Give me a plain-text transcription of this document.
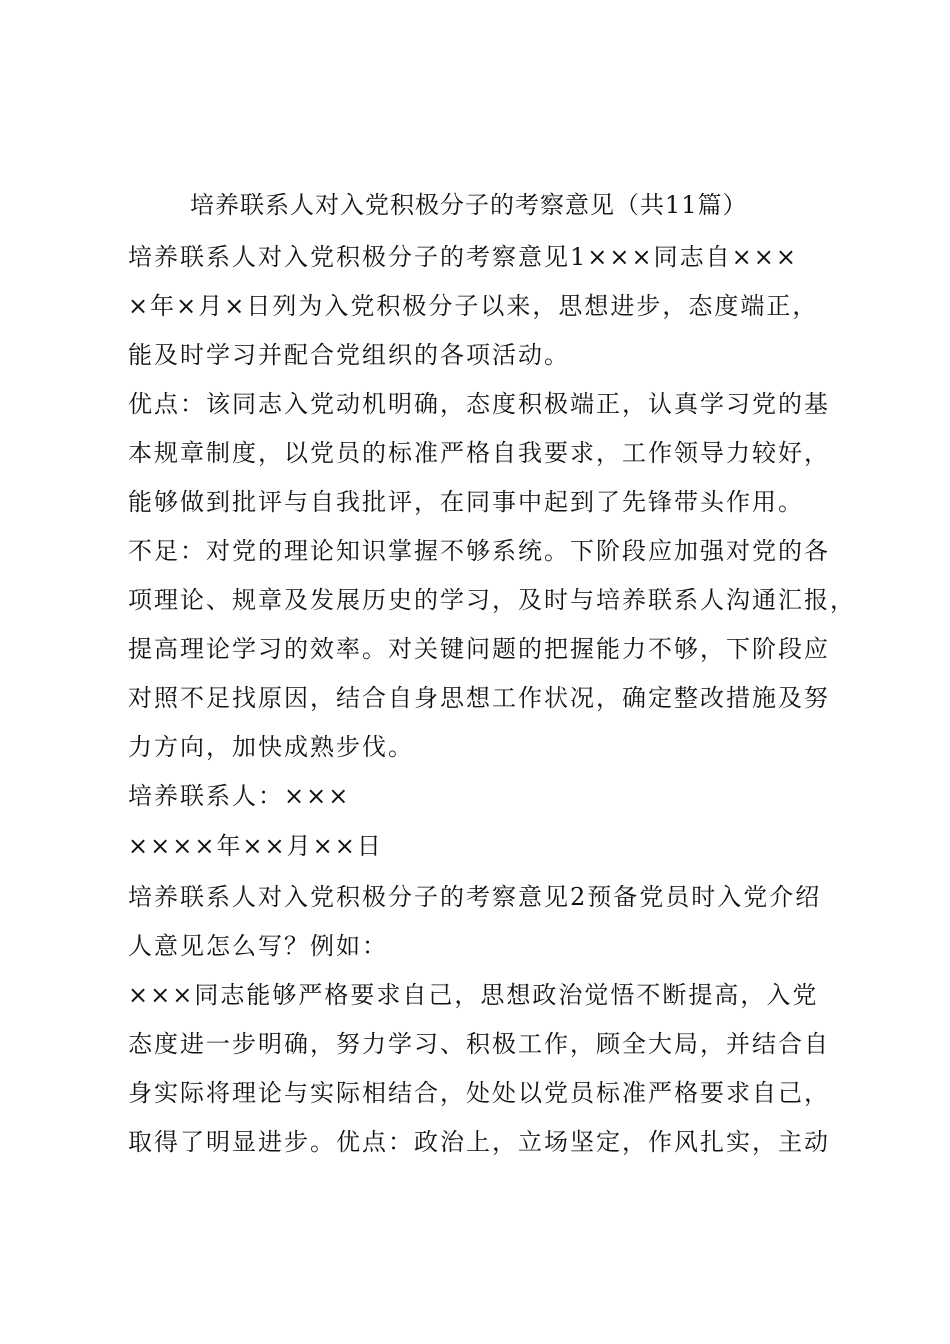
培养联系人对入党积极分子的考察意见（共11篇）
培养联系人对入党积极分子的考察意见1×××同志自×××
×年×月×日列为入党积极分子以来，思想进步，态度端正，
能及时学习并配合党组织的各项活动。
优点：该同志入党动机明确，态度积极端正，认真学习党的基
本规章制度，以党员的标准严格自我要求，工作领导力较好，
能够做到批评与自我批评，在同事中起到了先锋带头作用。
不足：对党的理论知识掌握不够系统。下阶段应加强对党的各
项理论、规章及发展历史的学习，及时与培养联系人沟通汇报，
提高理论学习的效率。对关键问题的把握能力不够，下阶段应
对照不足找原因，结合自身思想工作状况，确定整改措施及努
力方向，加快成熟步伐。
培养联系人：×××
××××年××月××日
培养联系人对入党积极分子的考察意见2预备党员时入党介绍
人意见怎么写？例如：
×××同志能够严格要求自己，思想政治觉悟不断提高，入党
态度进一步明确，努力学习、积极工作，顾全大局，并结合自
身实际将理论与实际相结合，处处以党员标准严格要求自己，
取得了明显进步。优点：政治上，立场坚定，作风扎实，主动
